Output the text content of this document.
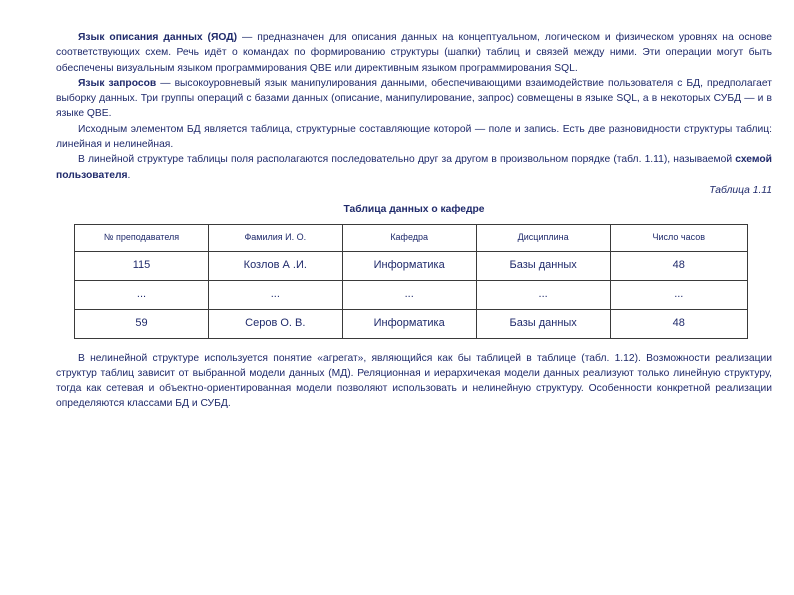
Язык описания данных (ЯОД) — предназначен для описания данных на концептуальном, логическом и физическом уровнях на основе соответствующих схем. Речь идёт о командах по формированию структуры (шапки) таблиц и связей между ними. Эти операции могут быть обеспечены визуальным языком программирования QBE или директивным языком программирования SQL.

Язык запросов — высокоуровневый язык манипулирования данными, обеспечивающими взаимодействие пользователя с БД, предполагает выборку данных. Три группы операций с базами данных (описание, манипулирование, запрос) совмещены в языке SQL, а в некоторых СУБД — и в языке QBE.

Исходным элементом БД является таблица, структурные составляющие которой — поле и запись. Есть две разновидности структуры таблиц: линейная и нелинейная.

В линейной структуре таблицы поля располагаются последовательно друг за другом в произвольном порядке (табл. 1.11), называемой схемой пользователя.

Таблица 1.11

Таблица данных о кафедре

№ преподавателя	Фамилия И. О.	Кафедра	Дисциплина	Число часов
115	Козлов А .И.	Информатика	Базы данных	48
...	...	...	...	...
59	Серов О. В.	Информатика	Базы данных	48

В нелинейной структуре используется понятие «агрегат», являющийся как бы таблицей в таблице (табл. 1.12). Возможности реализации структур таблиц зависит от выбранной модели данных (МД). Реляционная и иерархичекая модели данных реализуют только линейную структуру, тогда как сетевая и объектно-ориентированная модели позволяют использовать и нелинейную структуру. Особенности конкретной реализации определяются классами БД и СУБД.
